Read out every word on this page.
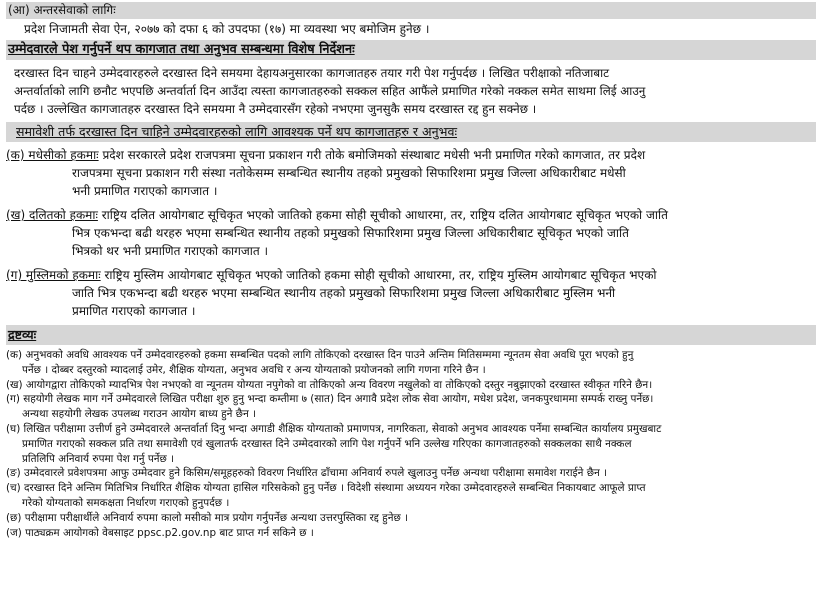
(आ) अन्तरसेवाको लागिः
प्रदेश निजामती सेवा ऐन, २०७७ को दफा ६ को उपदफा (१७) मा व्यवस्था भए बमोजिम हुनेछ ।
उम्मेदवारले पेश गर्नुपर्ने थप कागजात तथा अनुभव सम्बन्धमा विशेष निर्देशनः
दरखास्त दिन चाहने उम्मेदवारहरुले दरखास्त दिने समयमा देहायअनुसारका कागजातहरु तयार गरी पेश गर्नुपर्दछ । लिखित परीक्षाको नतिजाबाट
अन्तर्वार्ताको लागि छनौट भएपछि अन्तर्वार्ता दिन आउँदा त्यस्ता कागजातहरुको सक्कल सहित आफैंले प्रमाणित गरेको नक्कल समेत साथमा लिई आउनु
पर्दछ । उल्लेखित कागजातहरु दरखास्त दिने समयमा नै उम्मेदवारसँग रहेको नभएमा जुनसुकै समय दरखास्त रद्द हुन सक्नेछ ।
समावेशी तर्फ दरखास्त दिन चाहिने उम्मेदवारहरुको लागि आवश्यक पर्ने थप कागजातहरु र अनुभवः
(क) मधेसीको हकमाः प्रदेश सरकारले प्रदेश राजपत्रमा सूचना प्रकाशन गरी तोके बमोजिमको संस्थाबाट मधेसी भनी प्रमाणित गरेको कागजात, तर प्रदेश
राजपत्रमा सूचना प्रकाशन गरी संस्था नतोकेसम्म सम्बन्धित स्थानीय तहको प्रमुखको सिफारिशमा प्रमुख जिल्ला अधिकारीबाट मधेसी
भनी प्रमाणित गराएको कागजात ।
(ख) दलितको हकमाः राष्ट्रिय दलित आयोगबाट सूचिकृत भएको जातिको हकमा सोही सूचीको आधारमा, तर, राष्ट्रिय दलित आयोगबाट सूचिकृत भएको जाति
भित्र एकभन्दा बढी थरहरु भएमा सम्बन्धित स्थानीय तहको प्रमुखको सिफारिशमा प्रमुख जिल्ला अधिकारीबाट सूचिकृत भएको जाति
भित्रको थर भनी प्रमाणित गराएको कागजात ।
(ग) मुस्लिमको हकमाः राष्ट्रिय मुस्लिम आयोगबाट सूचिकृत भएको जातिको हकमा सोही सूचीको आधारमा, तर, राष्ट्रिय मुस्लिम आयोगबाट सूचिकृत भएको
जाति भित्र एकभन्दा बढी थरहरु भएमा सम्बन्धित स्थानीय तहको प्रमुखको सिफारिशमा प्रमुख जिल्ला अधिकारीबाट मुस्लिम भनी
प्रमाणित गराएको कागजात ।
द्रष्टव्यः
(क) अनुभवको अवधि आवश्यक पर्ने उम्मेदवारहरुको हकमा सम्बन्धित पदको लागि तोकिएको दरखास्त दिन पाउने अन्तिम मितिसम्ममा न्यूनतम सेवा अवधि पूरा भएको हुनु
पर्नेछ । दोब्बर दस्तुरको म्यादलाई उमेर, शैक्षिक योग्यता, अनुभव अवधि र अन्य योग्यताको प्रयोजनको लागि गणना गरिने छैन ।
(ख) आयोगद्वारा तोकिएको म्यादभित्र पेश नभएको वा न्यूनतम योग्यता नपुगेको वा तोकिएको अन्य विवरण नखुलेको वा तोकिएको दस्तुर नबुझाएको दरखास्त स्वीकृत गरिने छैन।
(ग) सहयोगी लेखक माग गर्ने उम्मेदवारले लिखित परीक्षा शुरु हुनु भन्दा कम्तीमा ७ (सात) दिन अगावै प्रदेश लोक सेवा आयोग, मधेश प्रदेश, जनकपुरधाममा सम्पर्क राख्नु पर्नेछ।
अन्यथा सहयोगी लेखक उपलब्ध गराउन आयोग बाध्य हुने छैन ।
(घ) लिखित परीक्षामा उत्तीर्ण हुने उम्मेदवारले अन्तर्वार्ता दिनु भन्दा अगाडी शैक्षिक योग्यताको प्रमाणपत्र, नागरिकता, सेवाको अनुभव आवश्यक पर्नेमा सम्बन्धित कार्यालय प्रमुखबाट
प्रमाणित गराएको सक्कल प्रति तथा समावेशी एवं खुलातर्फ दरखास्त दिने उम्मेदवारको लागि पेश गर्नुपर्ने भनि उल्लेख गरिएका कागजातहरुको सक्कलका साथै नक्कल
प्रतिलिपि अनिवार्य रुपमा पेश गर्नु पर्नेछ ।
(ङ) उम्मेदवारले प्रवेशपत्रमा आफु उम्मेदवार हुने किसिम/समूहहरुको विवरण निर्धारित ढाँचामा अनिवार्य रुपले खुलाउनु पर्नेछ अन्यथा परीक्षामा समावेश गराईने छैन ।
(च) दरखास्त दिने अन्तिम मितिभित्र निर्धारित शैक्षिक योग्यता हासिल गरिसकेको हुनु पर्नेछ । विदेशी संस्थामा अध्ययन गरेका उम्मेदवारहरुले सम्बन्धित निकायबाट आफूले प्राप्त
गरेको योग्यताको समकक्षता निर्धारण गराएको हुनुपर्दछ ।
(छ) परीक्षामा परीक्षार्थीले अनिवार्य रुपमा कालो मसीको मात्र प्रयोग गर्नुपर्नेछ अन्यथा उत्तरपुस्तिका रद्द हुनेछ ।
(ज) पाठ्यक्रम आयोगको वेबसाइट ppsc.p2.gov.np बाट प्राप्त गर्न सकिने छ ।
